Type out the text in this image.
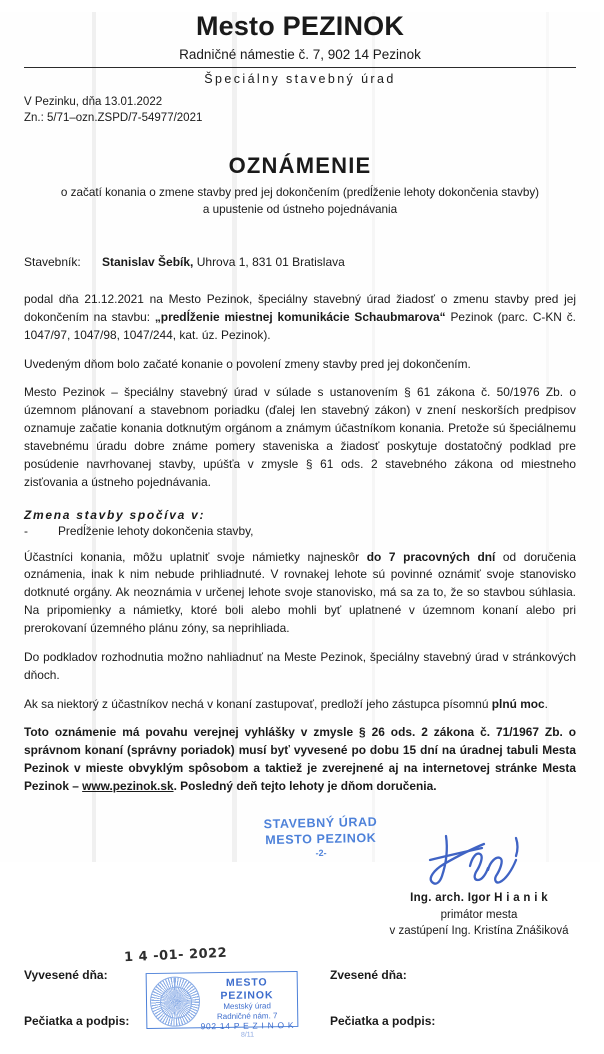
Mesto PEZINOK
Radničné námestie č. 7, 902 14 Pezinok
Špeciálny stavebný úrad
V Pezinku, dňa 13.01.2022
Zn.: 5/71–ozn.ZSPD/7-54977/2021
OZNÁMENIE
o začatí konania o zmene stavby pred jej dokončením (predĺženie lehoty dokončenia stavby)
a upustenie od ústneho pojednávania
Stavebník:	Stanislav Šebík, Uhrova 1, 831 01 Bratislava

podal dňa 21.12.2021 na Mesto Pezinok, špeciálny stavebný úrad žiadosť o zmenu stavby pred jej dokončením na stavbu: „predĺženie miestnej komunikácie Schaubmarova“ Pezinok (parc. C-KN č. 1047/97, 1047/98, 1047/244, kat. úz. Pezinok).

Uvedeným dňom bolo začaté konanie o povolení zmeny stavby pred jej dokončením.

Mesto Pezinok – špeciálny stavebný úrad v súlade s ustanovením § 61 zákona č. 50/1976 Zb. o územnom plánovaní a stavebnom poriadku (ďalej len stavebný zákon) v znení neskorších predpisov oznamuje začatie konania dotknutým orgánom a známym účastníkom konania. Pretože sú špeciálnemu stavebnému úradu dobre známe pomery staveniska a žiadosť poskytuje dostatočný podklad pre posúdenie navrhovanej stavby, upúšťa v zmysle § 61 ods. 2 stavebného zákona od miestneho zisťovania a ústneho pojednávania.

Zmena stavby spočíva v:
-	Predĺženie lehoty dokončenia stavby,

Účastníci konania, môžu uplatniť svoje námietky najneskôr do 7 pracovných dní od doručenia oznámenia, inak k nim nebude prihliadnuté. V rovnakej lehote sú povinné oznámiť svoje stanovisko dotknuté orgány. Ak neoznámia v určenej lehote svoje stanovisko, má sa za to, že so stavbou súhlasia. Na pripomienky a námietky, ktoré boli alebo mohli byť uplatnené v územnom konaní alebo pri prerokovaní územného plánu zóny, sa neprihliada.

Do podkladov rozhodnutia možno nahliadnuť na Meste Pezinok, špeciálny stavebný úrad v stránkových dňoch.

Ak sa niektorý z účastníkov nechá v konaní zastupovať, predloží jeho zástupca písomnú plnú moc.

Toto oznámenie má povahu verejnej vyhlášky v zmysle § 26 ods. 2 zákona č. 71/1967 Zb. o správnom konaní (správny poriadok) musí byť vyvesené po dobu 15 dní na úradnej tabuli Mesta Pezinok v mieste obvyklým spôsobom a taktiež je zverejnené aj na internetovej stránke Mesta Pezinok – www.pezinok.sk. Posledný deň tejto lehoty je dňom doručenia.

STAVEBNÝ ÚRAD
MESTO PEZINOK
-2-
Ing. arch. Igor H i a n i k
primátor mesta
v zastúpení Ing. Kristína Znášiková
1 4 -01- 2022
MESTO PEZINOK
Mestský úrad
Radničné nám. 7
902 14 P E Z I N O K
8/11
Vyvesené dňa:
Pečiatka a podpis:
Zvesené dňa:
Pečiatka a podpis:
